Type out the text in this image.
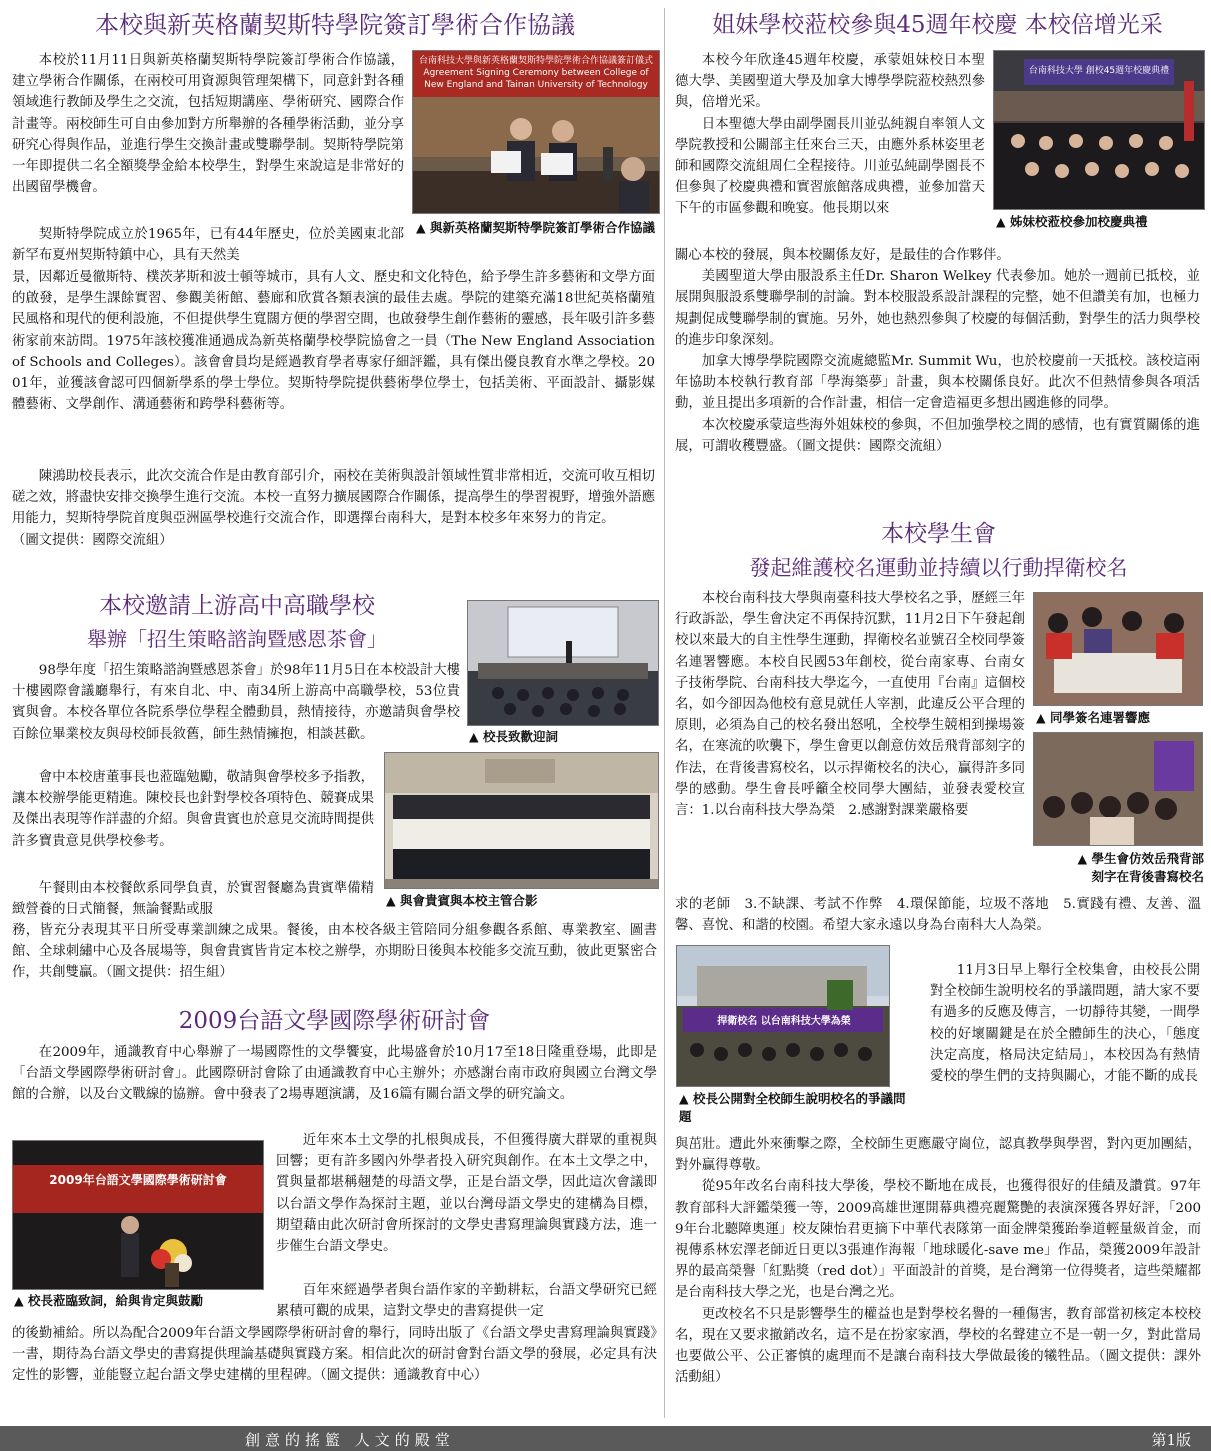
本校與新英格蘭契斯特學院簽訂學術合作協議

本校於11月11日與新英格蘭契斯特學院簽訂學術合作協議，建立學術合作關係，在兩校可用資源與管理架構下，同意針對各種領域進行教師及學生之交流，包括短期講座、學術研究、國際合作計畫等。兩校師生可自由參加對方所舉辦的各種學術活動，並分享研究心得與作品，並進行學生交換計畫或雙聯學制。契斯特學院第一年即提供二名全額獎學金給本校學生，對學生來說這是非常好的出國留學機會。

台南科技大學與新英格蘭契斯特學院學術合作協議簽訂儀式
Agreement Signing Ceremony between College of New England and Tainan University of Technology
▲ 與新英格蘭契斯特學院簽訂學術合作協議

契斯特學院成立於1965年，已有44年歷史，位於美國東北部新罕布夏州契斯特鎮中心，具有天然美

景，因鄰近曼徹斯特、樸茨茅斯和波士頓等城市，具有人文、歷史和文化特色，給予學生許多藝術和文學方面的啟發，是學生課餘實習、參觀美術館、藝廊和欣賞各類表演的最佳去處。學院的建築充滿18世紀英格蘭殖民風格和現代的便利設施，不但提供學生寬闊方便的學習空間，也啟發學生創作藝術的靈感，長年吸引許多藝術家前來訪問。1975年該校獲准通過成為新英格蘭學校學院協會之一員（The New England Association of Schools and Colleges）。該會會員均是經過教育學者專家仔細評鑑，具有傑出優良教育水準之學校。2001年，並獲該會認可四個新學系的學士學位。契斯特學院提供藝術學位學士，包括美術、平面設計、攝影媒體藝術、文學創作、溝通藝術和跨學科藝術等。

陳鴻助校長表示，此次交流合作是由教育部引介，兩校在美術與設計領域性質非常相近，交流可收互相切磋之效，將盡快安排交換學生進行交流。本校一直努力擴展國際合作關係，提高學生的學習視野，增強外語應用能力，契斯特學院首度與亞洲區學校進行交流合作，即選擇台南科大，是對本校多年來努力的肯定。

（圖文提供：國際交流組）

本校邀請上游高中高職學校
舉辦「招生策略諮詢暨感恩茶會」
▲ 校長致歡迎詞

98學年度「招生策略諮詢暨感恩茶會」於98年11月5日在本校設計大樓十樓國際會議廳舉行，有來自北、中、南34所上游高中高職學校，53位貴賓與會。本校各單位各院系學位學程全體動員，熱情接待，亦邀請與會學校百餘位畢業校友與母校師長敘舊，師生熱情擁抱，相談甚歡。

▲ 與會貴賓與本校主管合影

會中本校唐董事長也蒞臨勉勵，敬請與會學校多予指教，讓本校辦學能更精進。陳校長也針對學校各項特色、競賽成果及傑出表現等作詳盡的介紹。與會貴賓也於意見交流時間提供許多寶貴意見供學校參考。

午餐則由本校餐飲系同學負責，於實習餐廳為貴賓準備精緻營養的日式簡餐，無論餐點或服

務，皆充分表現其平日所受專業訓練之成果。餐後，由本校各級主管陪同分組參觀各系館、專業教室、圖書館、全球刺繡中心及各展場等，與會貴賓皆肯定本校之辦學，亦期盼日後與本校能多交流互動，彼此更緊密合作，共創雙贏。（圖文提供：招生組）

2009台語文學國際學術研討會

在2009年，通識教育中心舉辦了一場國際性的文學饗宴，此場盛會於10月17至18日隆重登場，此即是「台語文學國際學術研討會」。此國際研討會除了由通識教育中心主辦外；亦感謝台南市政府與國立台灣文學館的合辦，以及台文戰線的協辦。會中發表了2場專題演講，及16篇有關台語文學的研究論文。

2009年台語文學國際學術研討會
▲ 校長蒞臨致詞，給與肯定與鼓勵

近年來本土文學的扎根與成長，不但獲得廣大群眾的重視與回響；更有許多國內外學者投入研究與創作。在本土文學之中，質與量都堪稱翹楚的母語文學，正是台語文學，因此這次會議即以台語文學作為探討主題，並以台灣母語文學史的建構為目標，期望藉由此次研討會所探討的文學史書寫理論與實踐方法，進一步催生台語文學史。

百年來經過學者與台語作家的辛勤耕耘，台語文學研究已經累積可觀的成果，這對文學史的書寫提供一定

的後勤補給。所以為配合2009年台語文學國際學術研討會的舉行，同時出版了《台語文學史書寫理論與實踐》一書，期待為台語文學史的書寫提供理論基礎與實踐方案。相信此次的研討會對台語文學的發展，必定具有決定性的影響，並能豎立起台語文學史建構的里程碑。（圖文提供：通識教育中心）

姐妹學校蒞校參與45週年校慶 本校倍增光采
台南科技大學 創校45週年校慶典禮
▲ 姊妹校蒞校參加校慶典禮

本校今年欣逢45週年校慶，承蒙姐妹校日本聖德大學、美國聖道大學及加拿大博學學院蒞校熱烈參與，倍增光采。

日本聖德大學由副學園長川並弘純親自率領人文學院教授和公關部主任來台三天，由應外系林姿里老師和國際交流組周仁全程接待。川並弘純副學園長不但參與了校慶典禮和實習旅館落成典禮，並參加當天下午的市區參觀和晚宴。他長期以來

關心本校的發展，與本校關係友好，是最佳的合作夥伴。

美國聖道大學由服設系主任Dr. Sharon Welkey 代表參加。她於一週前已抵校，並展開與服設系雙聯學制的討論。對本校服設系設計課程的完整，她不但讚美有加，也極力規劃促成雙聯學制的實施。另外，她也熱烈參與了校慶的每個活動，對學生的活力與學校的進步印象深刻。

加拿大博學學院國際交流處總監Mr. Summit Wu，也於校慶前一天抵校。該校這兩年協助本校執行教育部「學海築夢」計畫，與本校關係良好。此次不但熱情參與各項活動，並且提出多項新的合作計畫，相信一定會造福更多想出國進修的同學。

本次校慶承蒙這些海外姐妹校的參與，不但加強學校之間的感情，也有實質關係的進展，可謂收穫豐盛。（圖文提供：國際交流組）

本校學生會
發起維護校名運動並持續以行動捍衛校名
▲ 同學簽名連署響應
▲ 學生會仿效岳飛背部
刻字在背後書寫校名

本校台南科技大學與南臺科技大學校名之爭，歷經三年行政訴訟，學生會決定不再保持沉默，11月2日下午發起創校以來最大的自主性學生運動，捍衛校名並號召全校同學簽名連署響應。本校自民國53年創校，從台南家專、台南女子技術學院、台南科技大學迄今，一直使用『台南』這個校名，如今卻因為他校有意見就任人宰割，此違反公平合理的原則，必須為自己的校名發出怒吼，全校學生競相到操場簽名，在寒流的吹襲下，學生會更以創意仿效岳飛背部刻字的作法，在背後書寫校名，以示捍衛校名的決心，贏得許多同學的感動。學生會長呼籲全校同學大團結，並發表愛校宣言：1.以台南科技大學為榮　2.感謝對課業嚴格要

求的老師　3.不缺課、考試不作弊　4.環保節能，垃圾不落地　5.實踐有禮、友善、溫馨、喜悅、和諧的校園。希望大家永遠以身為台南科大人為榮。

捍衛校名 以台南科技大學為榮
▲ 校長公開對全校師生說明校名的爭議問題

11月3日早上舉行全校集會，由校長公開對全校師生說明校名的爭議問題，請大家不要有過多的反應及傳言，一切靜待其變，一間學校的好壞關鍵是在於全體師生的決心，「態度決定高度，格局決定結局」，本校因為有熱情愛校的學生們的支持與關心，才能不斷的成長

與茁壯。遭此外來衝擊之際，全校師生更應嚴守崗位，認真教學與學習，對內更加團結，對外贏得尊敬。

從95年改名台南科技大學後，學校不斷地在成長，也獲得很好的佳績及讚賞。97年教育部科大評鑑榮獲一等，2009高雄世運開幕典禮亮麗驚艷的表演深獲各界好評，「2009年台北聽障奧運」校友陳怡君更摘下中華代表隊第一面金牌榮獲跆拳道輕量級首金，而視傳系林宏澤老師近日更以3張連作海報「地球暖化-save me」作品，榮獲2009年設計界的最高榮譽「紅點獎（red dot）」平面設計的首獎，是台灣第一位得獎者，這些榮耀都是台南科技大學之光，也是台灣之光。

更改校名不只是影響學生的權益也是對學校名譽的一種傷害，教育部當初核定本校校名，現在又要求撤銷改名，這不是在扮家家酒，學校的名聲建立不是一朝一夕，對此當局也要做公平、公正審慎的處理而不是讓台南科技大學做最後的犧牲品。（圖文提供：課外活動組）

創意的搖籃 人文的殿堂	第1版
